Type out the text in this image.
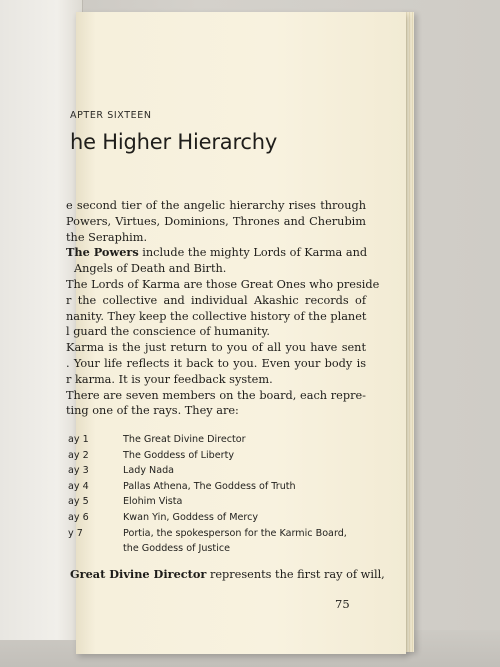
APTER SIXTEEN
he Higher Hierarchy
e second tier of the angelic hierarchy rises through
Powers, Virtues, Dominions, Thrones and Cherubim
the Seraphim.
The Powers include the mighty Lords of Karma and
Angels of Death and Birth.
The Lords of Karma are those Great Ones who preside
r the collective and individual Akashic records of
nanity. They keep the collective history of the planet
l guard the conscience of humanity.
Karma is the just return to you of all you have sent
. Your life reflects it back to you. Even your body is
r karma. It is your feedback system.
There are seven members on the board, each repre-
ting one of the rays. They are:
ay 1	The Great Divine Director
ay 2	The Goddess of Liberty
ay 3	Lady Nada
ay 4	Pallas Athena, The Goddess of Truth
ay 5	Elohim Vista
ay 6	Kwan Yin, Goddess of Mercy
y 7	Portia, the spokesperson for the Karmic Board,
the Goddess of Justice
Great Divine Director represents the first ray of will,
75
